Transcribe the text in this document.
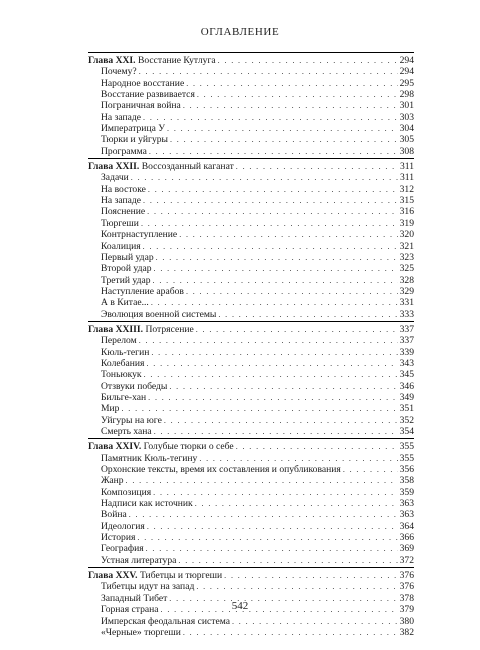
ОГЛАВЛЕНИЕ
Глава XXI. Восстание Кутлуга . . .	294
Почему? . . .	294
Народное восстание . . .	295
Восстание развивается . . .	298
Пограничная война . . .	301
На западе . . .	303
Императрица У . . .	304
Тюрки и уйгуры . . .	305
Программа . . .	308
Глава XXII. Воссозданный каганат . . .	311
Задачи . . .	311
На востоке . . .	312
На западе . . .	315
Пояснение . . .	316
Тюргеши . . .	319
Контрнаступление . . .	320
Коалиция . . .	321
Первый удар . . .	323
Второй удар . . .	325
Третий удар . . .	328
Наступление арабов . . .	329
А в Китае... . . .	331
Эволюция военной системы . . .	333
Глава XXIII. Потрясение . . .	337
Перелом . . .	337
Кюль-тегин . . .	339
Колебания . . .	343
Тоньюкук . . .	345
Отзвуки победы . . .	346
Бильге-хан . . .	349
Мир . . .	351
Уйгуры на юге . . .	352
Смерть хана . . .	354
Глава XXIV. Голубые тюрки о себе . . .	355
Памятник Кюль-тегину . . .	355
Орхонские тексты, время их составления и опубликования . . .	356
Жанр . . .	358
Композиция . . .	359
Надписи как источник . . .	363
Война . . .	363
Идеология . . .	364
История . . .	366
География . . .	369
Устная литература . . .	372
Глава XXV. Тибетцы и тюргеши . . .	376
Тибетцы идут на запад . . .	376
Западный Тибет . . .	378
Горная страна . . .	379
Имперская феодальная система . . .	380
«Черные» тюргеши . . .	382
542
